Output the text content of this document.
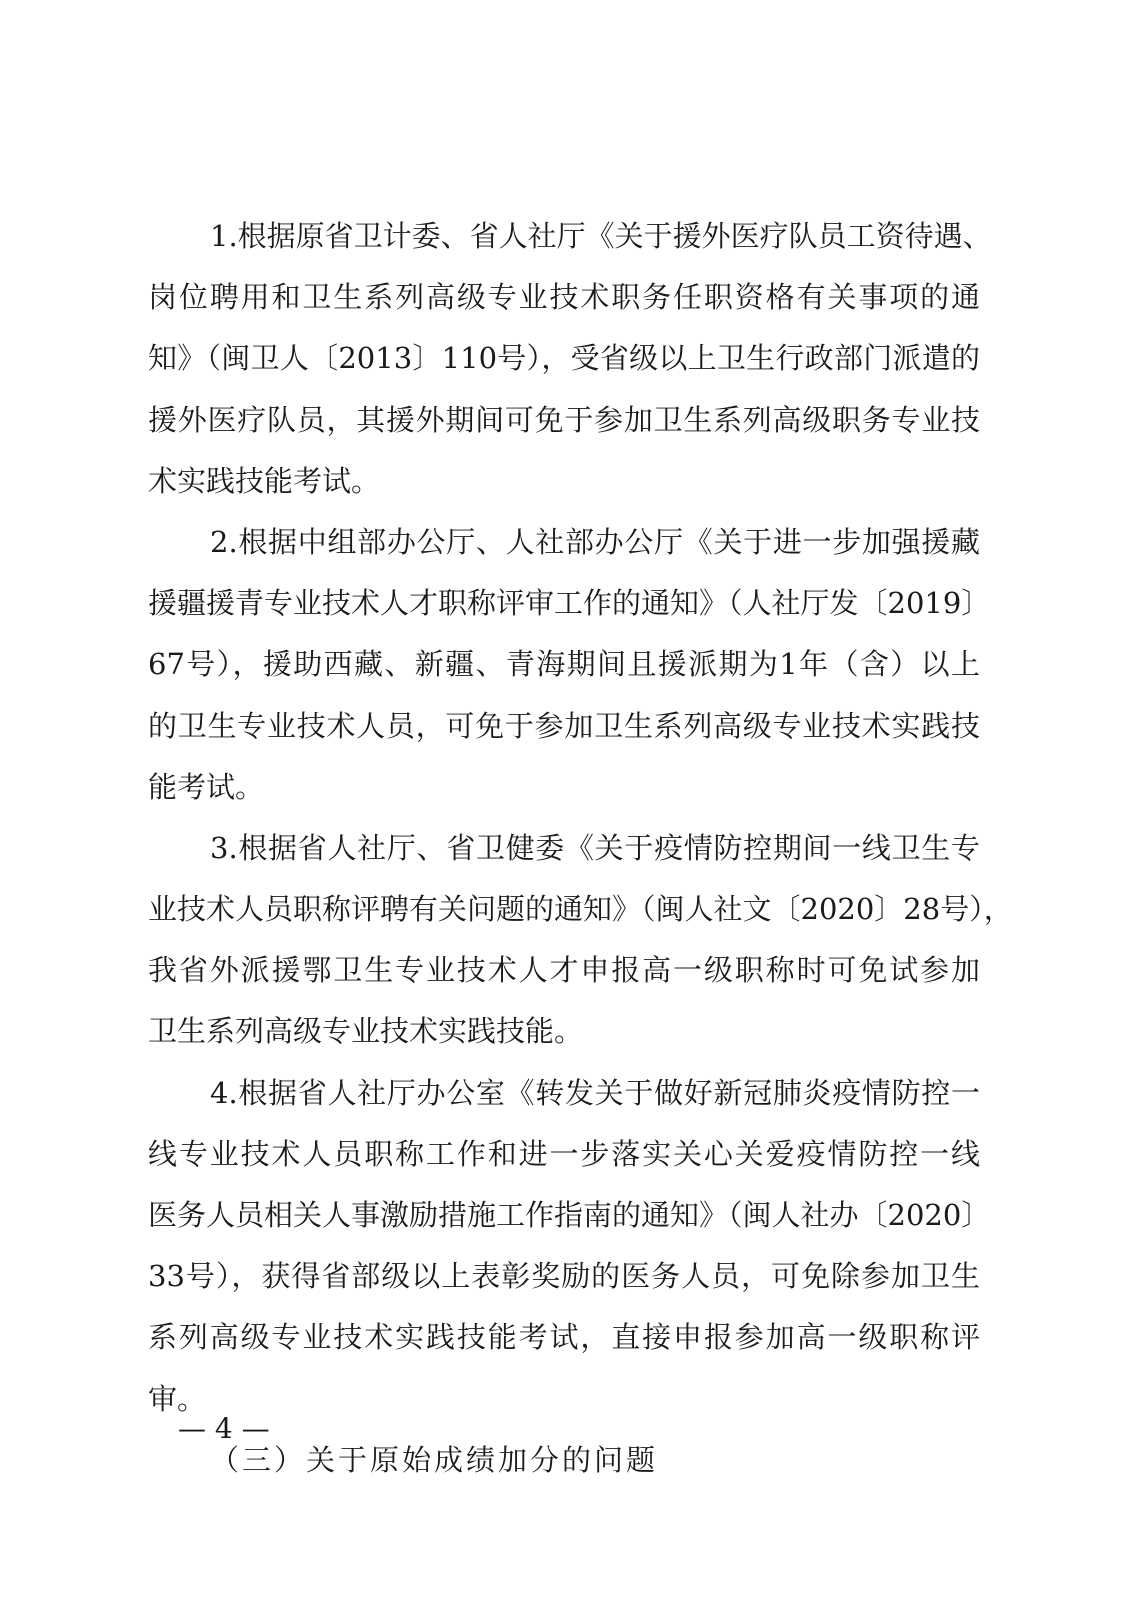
1.根据原省卫计委、省人社厅《关于援外医疗队员工资待遇、
岗位聘用和卫生系列高级专业技术职务任职资格有关事项的通
知》（闽卫人〔2013〕110号），受省级以上卫生行政部门派遣的
援外医疗队员，其援外期间可免于参加卫生系列高级职务专业技
术实践技能考试。
2.根据中组部办公厅、人社部办公厅《关于进一步加强援藏
援疆援青专业技术人才职称评审工作的通知》（人社厅发〔2019〕
67号），援助西藏、新疆、青海期间且援派期为1年（含）以上
的卫生专业技术人员，可免于参加卫生系列高级专业技术实践技
能考试。
3.根据省人社厅、省卫健委《关于疫情防控期间一线卫生专
业技术人员职称评聘有关问题的通知》（闽人社文〔2020〕28号），
我省外派援鄂卫生专业技术人才申报高一级职称时可免试参加
卫生系列高级专业技术实践技能。
4.根据省人社厅办公室《转发关于做好新冠肺炎疫情防控一
线专业技术人员职称工作和进一步落实关心关爱疫情防控一线
医务人员相关人事激励措施工作指南的通知》（闽人社办〔2020〕
33号），获得省部级以上表彰奖励的医务人员，可免除参加卫生
系列高级专业技术实践技能考试，直接申报参加高一级职称评
审。
（三）关于原始成绩加分的问题
— 4 —
